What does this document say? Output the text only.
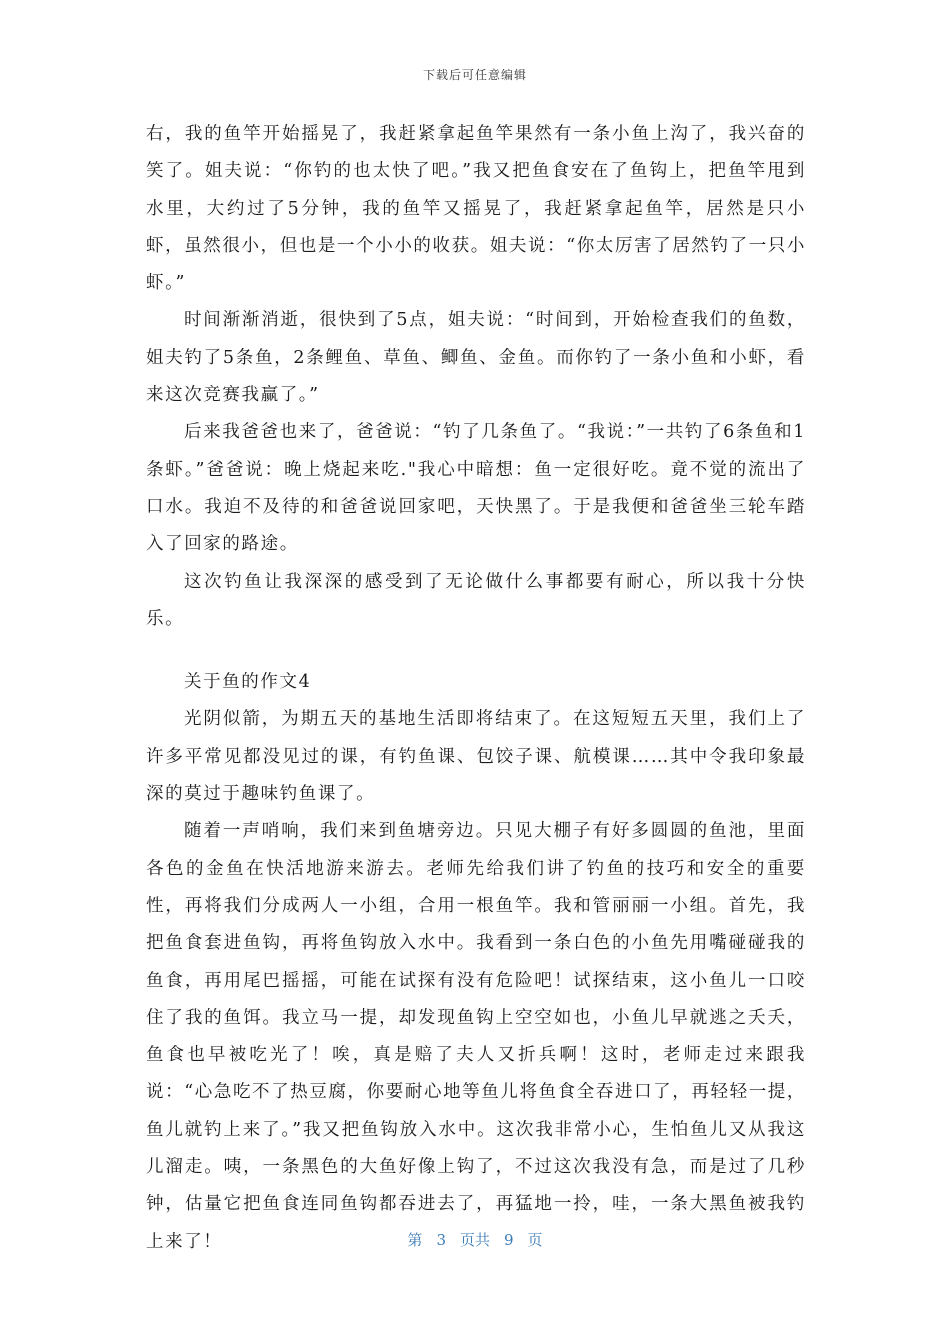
下载后可任意编辑

右，我的鱼竿开始摇晃了，我赶紧拿起鱼竿果然有一条小鱼上沟了，我兴奋的笑了。姐夫说：“你钓的也太快了吧。”我又把鱼食安在了鱼钩上，把鱼竿甩到水里，大约过了5分钟，我的鱼竿又摇晃了，我赶紧拿起鱼竿，居然是只小虾，虽然很小，但也是一个小小的收获。姐夫说：“你太厉害了居然钓了一只小虾。”

时间渐渐消逝，很快到了5点，姐夫说：“时间到，开始检查我们的鱼数，姐夫钓了5条鱼，2条鲤鱼、草鱼、鲫鱼、金鱼。而你钓了一条小鱼和小虾，看来这次竞赛我赢了。”

后来我爸爸也来了，爸爸说：“钓了几条鱼了。“我说：”一共钓了6条鱼和1条虾。”爸爸说：晚上烧起来吃."我心中暗想：鱼一定很好吃。竟不觉的流出了口水。我迫不及待的和爸爸说回家吧，天快黑了。于是我便和爸爸坐三轮车踏入了回家的路途。

这次钓鱼让我深深的感受到了无论做什么事都要有耐心，所以我十分快乐。

关于鱼的作文4

光阴似箭，为期五天的基地生活即将结束了。在这短短五天里，我们上了许多平常见都没见过的课，有钓鱼课、包饺子课、航模课……其中令我印象最深的莫过于趣味钓鱼课了。

随着一声哨响，我们来到鱼塘旁边。只见大棚子有好多圆圆的鱼池，里面各色的金鱼在快活地游来游去。老师先给我们讲了钓鱼的技巧和安全的重要性，再将我们分成两人一小组，合用一根鱼竿。我和管丽丽一小组。首先，我把鱼食套进鱼钩，再将鱼钩放入水中。我看到一条白色的小鱼先用嘴碰碰我的鱼食，再用尾巴摇摇，可能在试探有没有危险吧！试探结束，这小鱼儿一口咬住了我的鱼饵。我立马一提，却发现鱼钩上空空如也，小鱼儿早就逃之夭夭，鱼食也早被吃光了！唉，真是赔了夫人又折兵啊！这时，老师走过来跟我说：“心急吃不了热豆腐，你要耐心地等鱼儿将鱼食全吞进口了，再轻轻一提，鱼儿就钓上来了。”我又把鱼钩放入水中。这次我非常小心，生怕鱼儿又从我这儿溜走。咦，一条黑色的大鱼好像上钩了，不过这次我没有急，而是过了几秒钟，估量它把鱼食连同鱼钩都吞进去了，再猛地一拎，哇，一条大黑鱼被我钓上来了！	第 3 页共 9 页
